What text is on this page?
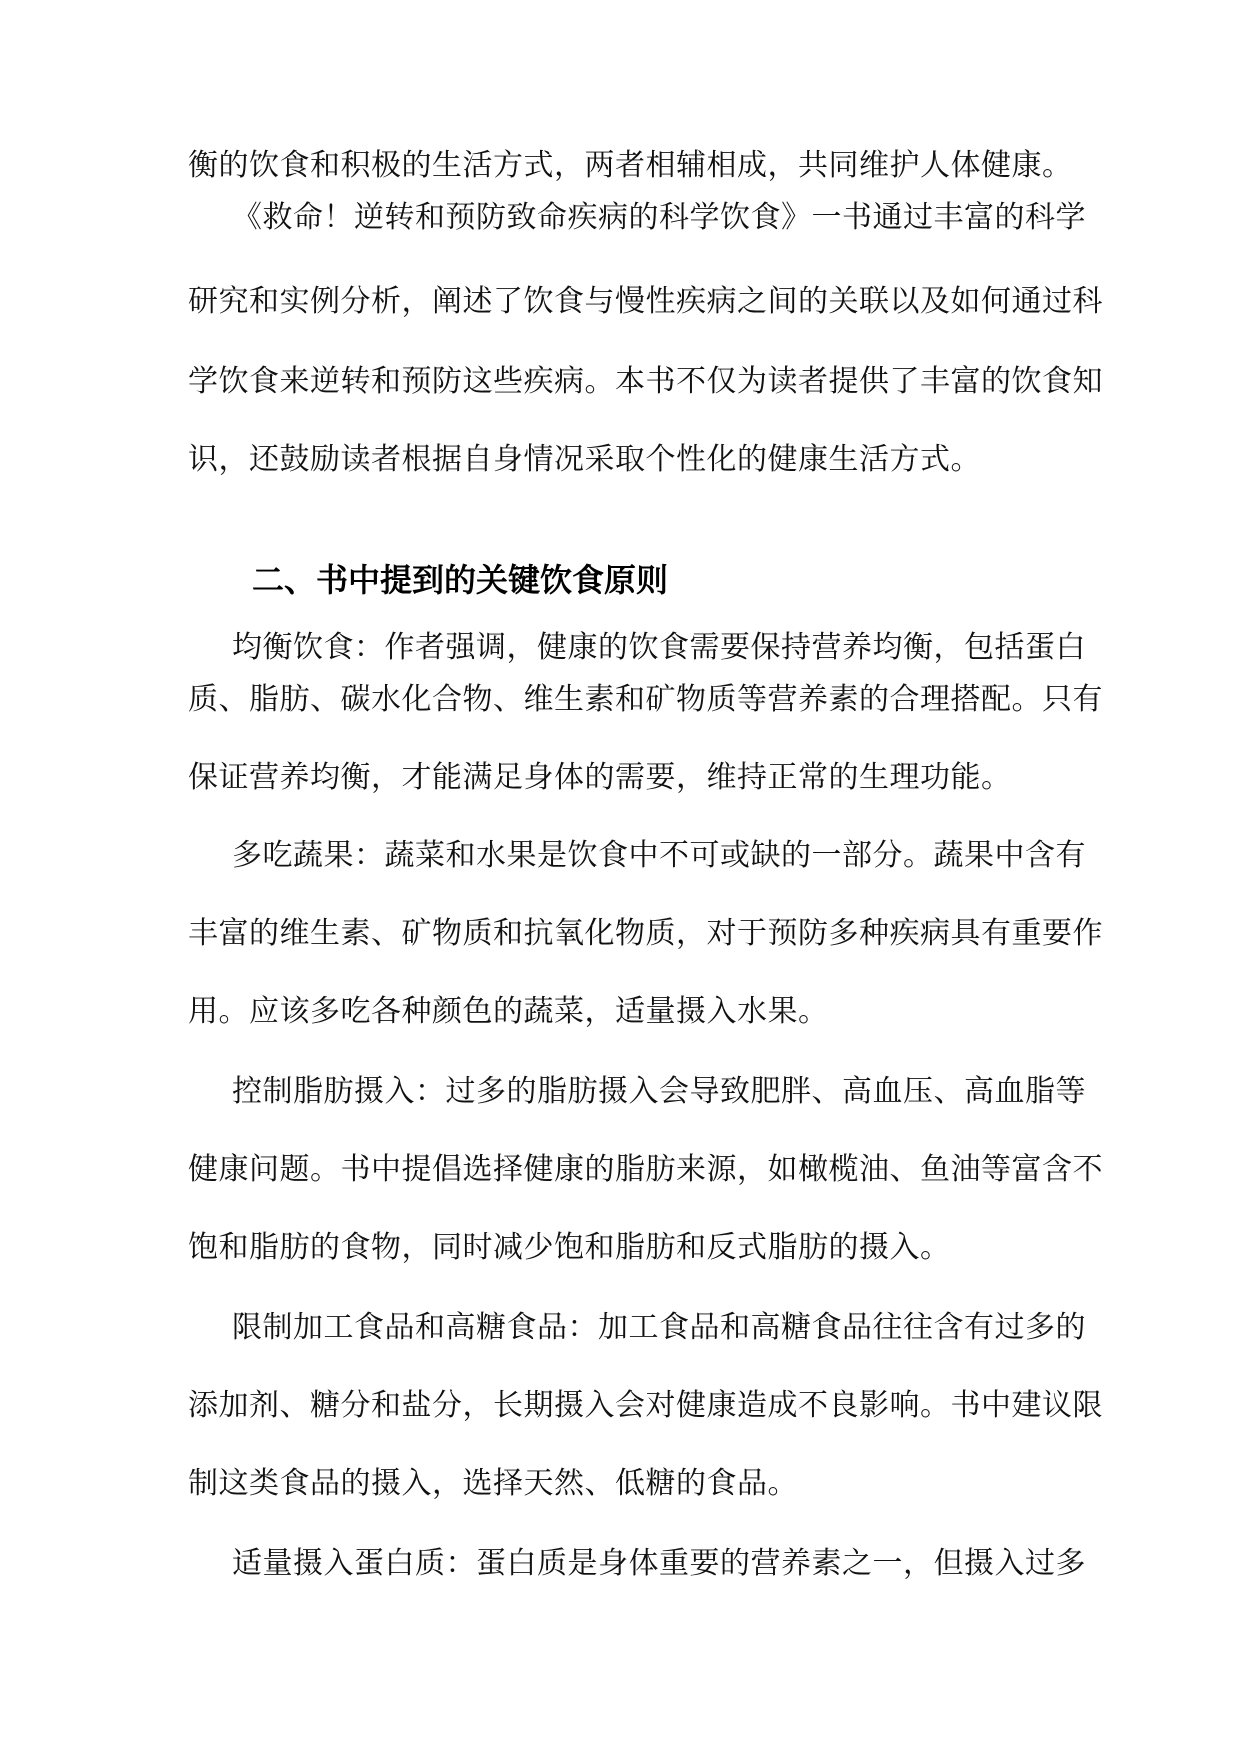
衡的饮食和积极的生活方式，两者相辅相成，共同维护人体健康。
《救命！逆转和预防致命疾病的科学饮食》一书通过丰富的科学
研究和实例分析，阐述了饮食与慢性疾病之间的关联以及如何通过科
学饮食来逆转和预防这些疾病。本书不仅为读者提供了丰富的饮食知
识，还鼓励读者根据自身情况采取个性化的健康生活方式。
二、书中提到的关键饮食原则
均衡饮食：作者强调，健康的饮食需要保持营养均衡，包括蛋白
质、脂肪、碳水化合物、维生素和矿物质等营养素的合理搭配。只有
保证营养均衡，才能满足身体的需要，维持正常的生理功能。
多吃蔬果：蔬菜和水果是饮食中不可或缺的一部分。蔬果中含有
丰富的维生素、矿物质和抗氧化物质，对于预防多种疾病具有重要作
用。应该多吃各种颜色的蔬菜，适量摄入水果。
控制脂肪摄入：过多的脂肪摄入会导致肥胖、高血压、高血脂等
健康问题。书中提倡选择健康的脂肪来源，如橄榄油、鱼油等富含不
饱和脂肪的食物，同时减少饱和脂肪和反式脂肪的摄入。
限制加工食品和高糖食品：加工食品和高糖食品往往含有过多的
添加剂、糖分和盐分，长期摄入会对健康造成不良影响。书中建议限
制这类食品的摄入，选择天然、低糖的食品。
适量摄入蛋白质：蛋白质是身体重要的营养素之一，但摄入过多
